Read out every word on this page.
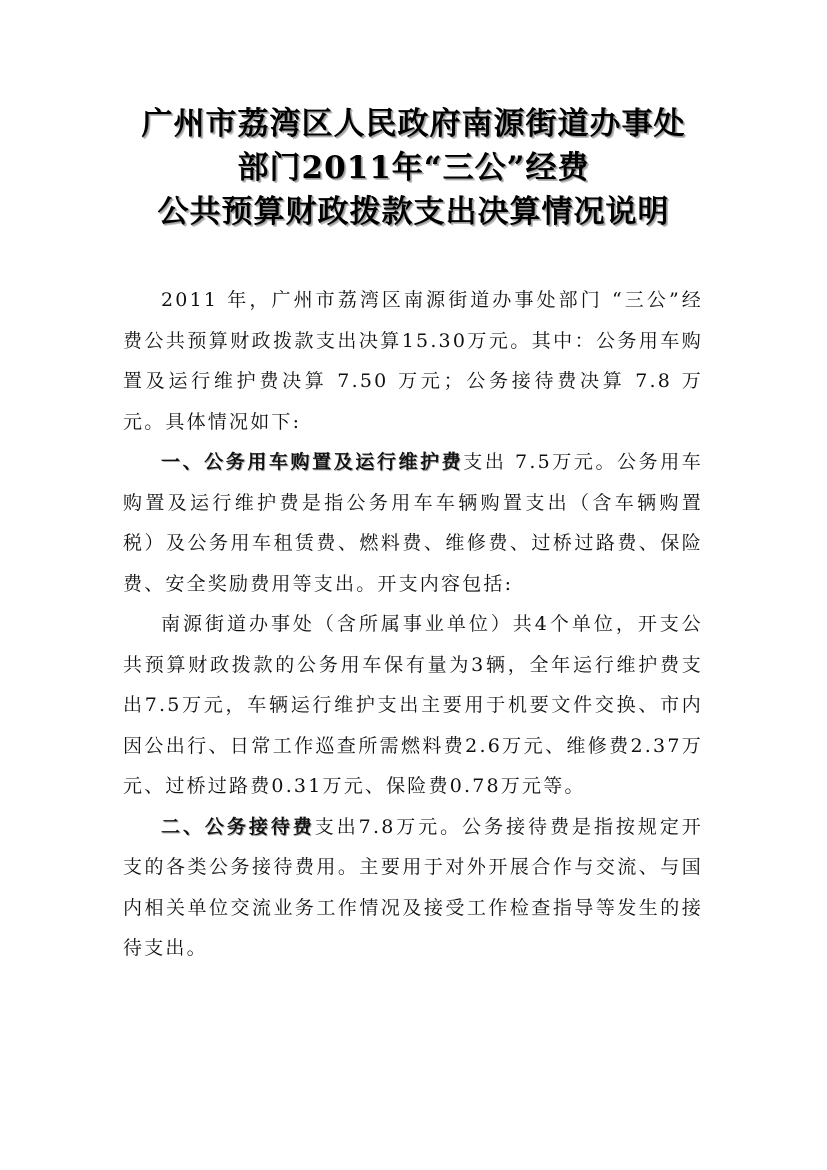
广州市荔湾区人民政府南源街道办事处
部门2011年“三公”经费
公共预算财政拨款支出决算情况说明

2011 年，广州市荔湾区南源街道办事处部门 “三公”经费公共预算财政拨款支出决算15.30万元。其中：公务用车购置及运行维护费决算 7.50 万元；公务接待费决算 7.8 万元。具体情况如下:

一、公务用车购置及运行维护费支出 7.5万元。公务用车购置及运行维护费是指公务用车车辆购置支出（含车辆购置税）及公务用车租赁费、燃料费、维修费、过桥过路费、保险费、安全奖励费用等支出。开支内容包括:

南源街道办事处（含所属事业单位）共4个单位，开支公共预算财政拨款的公务用车保有量为3辆，全年运行维护费支出7.5万元，车辆运行维护支出主要用于机要文件交换、市内因公出行、日常工作巡查所需燃料费2.6万元、维修费2.37万元、过桥过路费0.31万元、保险费0.78万元等。

二、公务接待费支出7.8万元。公务接待费是指按规定开支的各类公务接待费用。主要用于对外开展合作与交流、与国内相关单位交流业务工作情况及接受工作检查指导等发生的接待支出。
